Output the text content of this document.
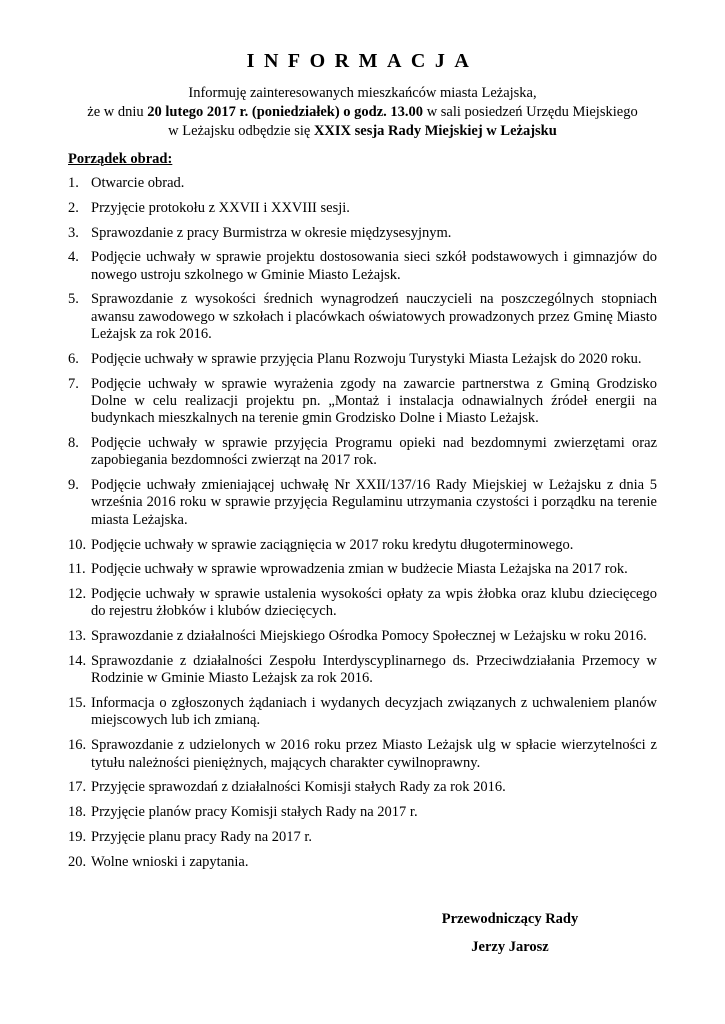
INFORMACJA
Informuję zainteresowanych mieszkańców miasta Leżajska,
że w dniu 20 lutego 2017 r. (poniedziałek) o godz. 13.00 w sali posiedzeń Urzędu Miejskiego
w Leżajsku odbędzie się XXIX sesja Rady Miejskiej w Leżajsku
Porządek obrad:
1. Otwarcie obrad.
2. Przyjęcie protokołu z XXVII i XXVIII sesji.
3. Sprawozdanie z pracy Burmistrza w okresie międzysesyjnym.
4. Podjęcie uchwały w sprawie projektu dostosowania sieci szkół podstawowych i gimnazjów do nowego ustroju szkolnego w Gminie Miasto Leżajsk.
5. Sprawozdanie z wysokości średnich wynagrodzeń nauczycieli na poszczególnych stopniach awansu zawodowego w szkołach i placówkach oświatowych prowadzonych przez Gminę Miasto Leżajsk za rok 2016.
6. Podjęcie uchwały w sprawie przyjęcia Planu Rozwoju Turystyki Miasta Leżajsk do 2020 roku.
7. Podjęcie uchwały w sprawie wyrażenia zgody na zawarcie partnerstwa z Gminą Grodzisko Dolne w celu realizacji projektu pn. „Montaż i instalacja odnawialnych źródeł energii na budynkach mieszkalnych na terenie gmin Grodzisko Dolne i Miasto Leżajsk.
8. Podjęcie uchwały w sprawie przyjęcia Programu opieki nad bezdomnymi zwierzętami oraz zapobiegania bezdomności zwierząt na 2017 rok.
9. Podjęcie uchwały zmieniającej uchwałę Nr XXII/137/16 Rady Miejskiej w Leżajsku z dnia 5 września 2016 roku w sprawie przyjęcia Regulaminu utrzymania czystości i porządku na terenie miasta Leżajska.
10. Podjęcie uchwały w sprawie zaciągnięcia w 2017 roku kredytu długoterminowego.
11. Podjęcie uchwały w sprawie wprowadzenia zmian w budżecie Miasta Leżajska na 2017 rok.
12. Podjęcie uchwały w sprawie ustalenia wysokości opłaty za wpis żłobka oraz klubu dziecięcego do rejestru żłobków i klubów dziecięcych.
13. Sprawozdanie z działalności Miejskiego Ośrodka Pomocy Społecznej w Leżajsku w roku 2016.
14. Sprawozdanie z działalności Zespołu Interdyscyplinarnego ds. Przeciwdziałania Przemocy w Rodzinie w Gminie Miasto Leżajsk za rok 2016.
15. Informacja o zgłoszonych żądaniach i wydanych decyzjach związanych z uchwaleniem planów miejscowych lub ich zmianą.
16. Sprawozdanie z udzielonych w 2016 roku przez Miasto Leżajsk ulg w spłacie wierzytelności z tytułu należności pieniężnych, mających charakter cywilnoprawny.
17. Przyjęcie sprawozdań z działalności Komisji stałych Rady za rok 2016.
18. Przyjęcie planów pracy Komisji stałych Rady na 2017 r.
19. Przyjęcie planu pracy Rady na 2017 r.
20. Wolne wnioski i zapytania.
Przewodniczący Rady
Jerzy Jarosz
